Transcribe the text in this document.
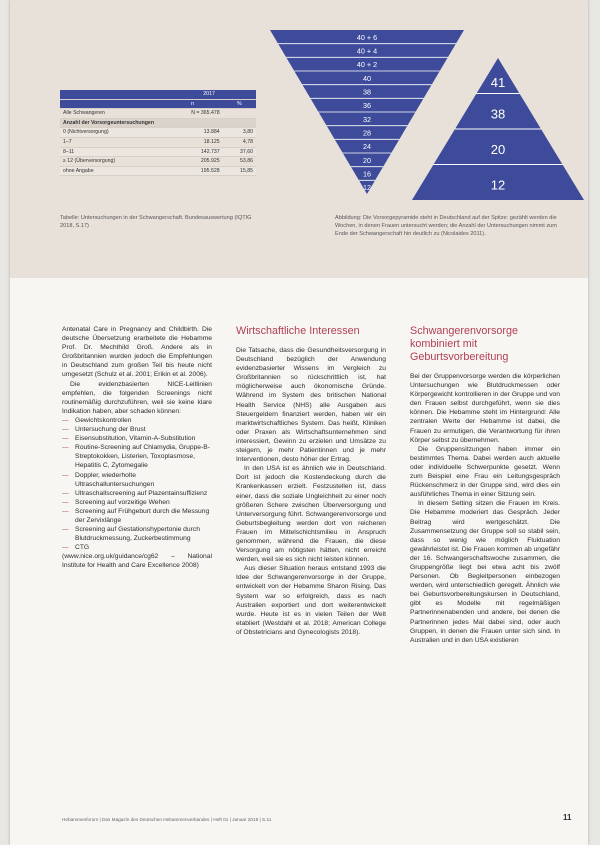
	2017	
	n	%
Alle Schwangeren	N = 365.478	
Anzahl der Vorsorgeuntersuchungen		
0 (Nichtversorgung)	13.884	3,80
1–7	18.125	4,78
8–11	142.737	37,60
≥ 12 (Überversorgung)	205.925	53,86
ohne Angabe	195.528	15,85
Tabelle: Untersuchungen in der Schwangerschaft. Bundesauswertung (IQTIG 2018, S.17)
40 + 6
40 + 4
40 + 2
40
38
36
32
28
24
20
16
12
41
38
20
12
Abbildung: Die Vorsorgepyramide steht in Deutschland auf der Spitze: gezählt werden die Wochen, in denen Frauen untersucht werden; die Anzahl der Untersuchungen nimmt zum Ende der Schwangerschaft hin deutlich zu (Nicolaides 2011).

Antenatal Care in Pregnancy and Childbirth. Die deutsche Übersetzung erarbeitete die Hebamme Prof. Dr. Mechthild Groß. Andere als in Großbritannien wurden jedoch die Empfehlungen in Deutschland zum großen Teil bis heute nicht umgesetzt (Schulz et al. 2001; Erikin et al. 2006).

Die evidenzbasierten NICE-Leitlinien empfehlen, die folgenden Screenings nicht routinemäßig durchzuführen, weil sie keine klare Indikation haben, aber schaden können:

— Gewichtskontrollen
— Untersuchung der Brust
— Eisensubstitution, Vitamin-A-Substitution
— Routine-Screening auf Chlamydia, Gruppe-B-Streptokokken, Listerien, Toxoplasmose, Hepatitis C, Zytomegalie
— Doppler, wiederholte Ultraschalluntersuchungen
— Ultraschallscreening auf Plazentainsuffizienz
— Screening auf vorzeitige Wehen
— Screening auf Frühgeburt durch die Messung der Zervixlänge
— Screening auf Gestationshypertonie durch Blutdruckmessung, Zuckerbestimmung
— CTG

(www.nice.org.uk/guidance/cg62 – National Institute for Health and Care Excellence 2008)

Wirtschaftliche Interessen

Die Tatsache, dass die Gesundheitsversorgung in Deutschland bezüglich der Anwendung evidenzbasierter Wissens im Vergleich zu Großbritannien so rückschrittlich ist, hat möglicherweise auch ökonomische Gründe. Während im System des britischen National Health Service (NHS) alle Ausgaben aus Steuergeldern finanziert werden, haben wir ein marktwirtschaftliches System. Das heißt, Kliniken oder Praxen als Wirtschaftsunternehmen sind interessiert, Gewinn zu erzielen und Umsätze zu steigern, je mehr Patientinnen und je mehr Interventionen, desto höher der Ertrag.

In den USA ist es ähnlich wie in Deutschland. Dort ist jedoch die Kostendeckung durch die Krankenkassen erzielt. Festzustellen ist, dass einer, dass die soziale Ungleichheit zu einer noch größeren Schere zwischen Überversorgung und Unterversorgung führt. Schwangerenvorsorge und Geburtsbegleitung werden dort von reicheren Frauen im Mittelschichtsmilieu in Anspruch genommen, während die Frauen, die diese Versorgung am nötigsten hätten, nicht erreicht werden, weil sie es sich nicht leisten können.

Aus dieser Situation heraus entstand 1993 die Idee der Schwangerenvorsorge in der Gruppe, entwickelt von der Hebamme Sharon Rising. Das System war so erfolgreich, dass es nach Australien exportiert und dort weiterentwickelt wurde. Heute ist es in vielen Teilen der Welt etabliert (Westdahl et al. 2018; American College of Obstetricians and Gynecologists 2018).

Schwangerenvorsorge kombiniert mit Geburtsvorbereitung

Bei der Gruppenvorsorge werden die körperlichen Untersuchungen wie Blutdruckmessen oder Körpergewicht kontrollieren in der Gruppe und von den Frauen selbst durchgeführt, wenn sie dies können. Die Hebamme steht im Hintergrund: Alle zentralen Werte der Hebamme ist dabei, die Frauen zu ermutigen, die Verantwortung für ihren Körper selbst zu übernehmen.

Die Gruppensitzungen haben immer ein bestimmtes Thema. Dabei werden auch aktuelle oder individuelle Schwerpunkte gesetzt. Wenn zum Beispiel eine Frau ein Leitungsgespräch Rückenschmerz in der Gruppe sind, wird dies ein ausführliches Thema in einer Sitzung sein.

In diesem Setting sitzen die Frauen im Kreis. Die Hebamme moderiert das Gespräch. Jeder Beitrag wird wertgeschätzt. Die Zusammensetzung der Gruppe soll so stabil sein, dass so wenig wie möglich Fluktuation gewährleistet ist. Die Frauen kommen ab ungefähr der 16. Schwangerschaftswoche zusammen, die Gruppengröße liegt bei etwa acht bis zwölf Personen. Ob Begleitpersonen einbezogen werden, wird unterschiedlich geregelt. Ähnlich wie bei Geburtsvorbereitungskursen in Deutschland, gibt es Modelle mit regelmäßigen Partnerinnenabenden und andere, bei denen die Partnerinnen jedes Mal dabei sind, oder auch Gruppen, in denen die Frauen unter sich sind. In Australien und in den USA existieren

Hebammenforum | Das Magazin des Deutschen Hebammenverbandes | Heft 01 | Januar 2019 | S.11	11
